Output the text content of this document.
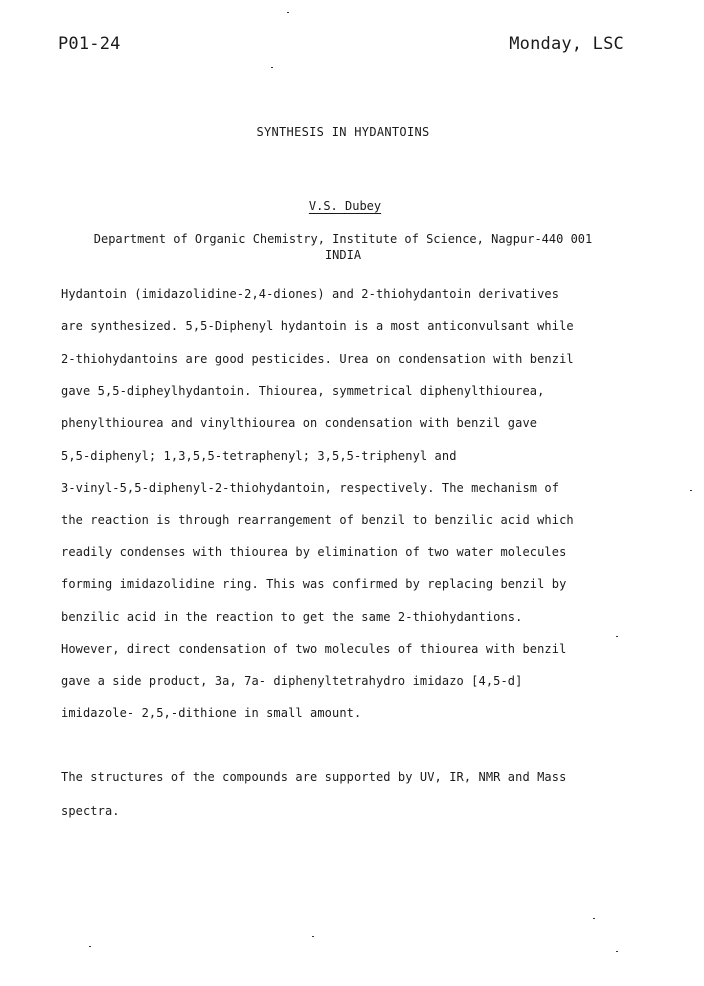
P01-24	Monday, LSC
SYNTHESIS IN HYDANTOINS
V.S. Dubey
Department of Organic Chemistry, Institute of Science, Nagpur-440 001
INDIA
Hydantoin (imidazolidine-2,4-diones) and 2-thiohydantoin derivatives
are synthesized. 5,5-Diphenyl hydantoin is a most anticonvulsant while
2-thiohydantoins are good pesticides. Urea on condensation with benzil
gave 5,5-dipheylhydantoin. Thiourea, symmetrical diphenylthiourea,
phenylthiourea and vinylthiourea on condensation with benzil gave
5,5-diphenyl; 1,3,5,5-tetraphenyl; 3,5,5-triphenyl and
3-vinyl-5,5-diphenyl-2-thiohydantoin, respectively. The mechanism of
the reaction is through rearrangement of benzil to benzilic acid which
readily condenses with thiourea by elimination of two water molecules
forming imidazolidine ring. This was confirmed by replacing benzil by
benzilic acid in the reaction to get the same 2-thiohydantions.
However, direct condensation of two molecules of thiourea with benzil
gave a side product, 3a, 7a- diphenyltetrahydro imidazo [4,5-d]
imidazole- 2,5,-dithione in small amount.
The structures of the compounds are supported by UV, IR, NMR and Mass
spectra.
